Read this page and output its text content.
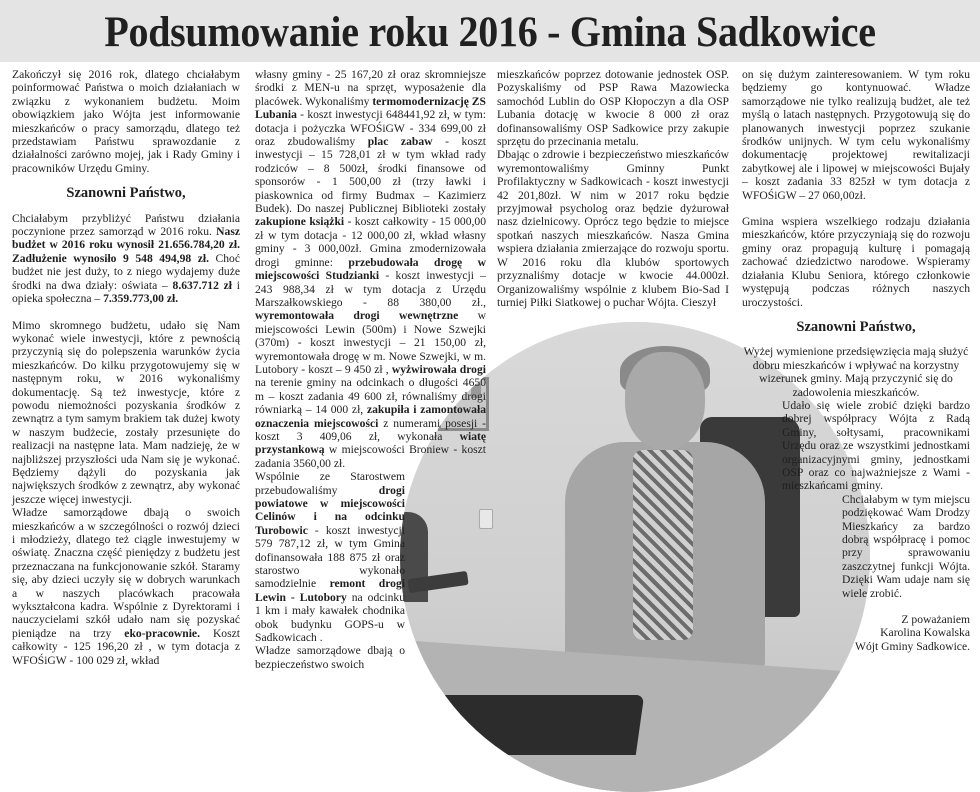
Podsumowanie roku 2016 - Gmina Sadkowice

Zakończył się 2016 rok, dlatego chciałabym poinformować Państwa o moich działaniach w związku z wykonaniem budżetu. Moim obowiązkiem jako Wójta jest informowanie mieszkańców o pracy samorządu, dlatego też przedstawiam Państwu sprawozdanie z działalności zarówno mojej, jak i Rady Gminy i pracowników Urzędu Gminy.

Szanowni Państwo,

Chciałabym przybliżyć Państwu działania poczynione przez samorząd w 2016 roku. Nasz budżet w 2016 roku wynosił 21.656.784,20 zł. Zadłużenie wynosiło 9 548 494,98 zł. Choć budżet nie jest duży, to z niego wydajemy duże środki na dwa działy: oświata – 8.637.712 zł i opieka społeczna – 7.359.773,00 zł.

Mimo skromnego budżetu, udało się Nam wykonać wiele inwestycji, które z pewnością przyczynią się do polepszenia warunków życia mieszkańców. Do kilku przygotowujemy się w następnym roku, w 2016 wykonaliśmy dokumentację. Są też inwestycje, które z powodu niemożności pozyskania środków z zewnątrz a tym samym brakiem tak dużej kwoty w naszym budżecie, zostały przesunięte do realizacji na następne lata. Mam nadzieję, że w najbliższej przyszłości uda Nam się je wykonać. Będziemy dążyli do pozyskania jak największych środków z zewnątrz, aby wykonać jeszcze więcej inwestycji.

Władze samorządowe dbają o swoich mieszkańców a w szczególności o rozwój dzieci i młodzieży, dlatego też ciągle inwestujemy w oświatę. Znaczna część pieniędzy z budżetu jest przeznaczana na funkcjonowanie szkół. Staramy się, aby dzieci uczyły się w dobrych warunkach a w naszych placówkach pracowała wykształcona kadra. Wspólnie z Dyrektorami i nauczycielami szkół udało nam się pozyskać pieniądze na trzy eko-pracownie. Koszt całkowity - 125 196,20 zł , w tym dotacja z WFOŚiGW - 100 029 zł, wkład

własny gminy - 25 167,20 zł oraz skromniejsze środki z MEN-u na sprzęt, wyposażenie dla placówek. Wykonaliśmy termomodernizację ZS Lubania - koszt inwestycji 648441,92 zł, w tym: dotacja i pożyczka WFOŚiGW - 334 699,00 zł oraz zbudowaliśmy plac zabaw - koszt inwestycji – 15 728,01 zł w tym wkład rady rodziców – 8 500zł, środki finansowe od sponsorów - 1 500,00 zł (trzy ławki i piaskownica od firmy Budmax – Kazimierz Budek). Do naszej Publicznej Biblioteki zostały zakupione książki - koszt całkowity - 15 000,00 zł w tym dotacja - 12 000,00 zł, wkład własny gminy - 3 000,00zł. Gmina zmodernizowała drogi gminne: przebudowała drogę w miejscowości Studzianki - koszt inwestycji – 243 988,34 zł w tym dotacja z Urzędu Marszałkowskiego - 88 380,00 zł., wyremontowała drogi wewnętrzne w miejscowości Lewin (500m) i Nowe Szwejki (370m) - koszt inwestycji – 21 150,00 zł, wyremontowała drogę w m. Nowe Szwejki, w m. Lutobory - koszt – 9 450 zł , wyżwirowała drogi na terenie gminy na odcinkach o długości 4650 m – koszt zadania 49 600 zł, równaliśmy drogi równiarką – 14 000 zł, zakupiła i zamontowała oznaczenia miejscowości z numerami posesji - koszt 3 409,06 zł, wykonała wiatę przystankową w miejscowości Broniew - koszt zadania 3560,00 zł.

Wspólnie ze Starostwem przebudowaliśmy drogi powiatowe w miejscowości Celinów i na odcinku Turobowic - koszt inwestycji 579 787,12 zł, w tym Gmina dofinansowała 188 875 zł oraz starostwo wykonało samodzielnie remont drogi Lewin - Lutobory na odcinku 1 km i mały kawałek chodnika obok budynku GOPS-u w Sadkowicach .

Władze samorządowe dbają o bezpieczeństwo swoich

mieszkańców poprzez dotowanie jednostek OSP. Pozyskaliśmy od PSP Rawa Mazowiecka samochód Lublin do OSP Kłopoczyn a dla OSP Lubania dotację w kwocie 8 000 zł oraz dofinansowaliśmy OSP Sadkowice przy zakupie sprzętu do przecinania metalu.

Dbając o zdrowie i bezpieczeństwo mieszkańców wyremontowaliśmy Gminny Punkt Profilaktyczny w Sadkowicach - koszt inwestycji 42 201,80zł. W nim w 2017 roku będzie przyjmował psycholog oraz będzie dyżurował nasz dzielnicowy. Oprócz tego będzie to miejsce spotkań naszych mieszkańców. Nasza Gmina wspiera działania zmierzające do rozwoju sportu. W 2016 roku dla klubów sportowych przyznaliśmy dotacje w kwocie 44.000zł. Organizowaliśmy wspólnie z klubem Bio-Sad I turniej Piłki Siatkowej o puchar Wójta. Cieszył

on się dużym zainteresowaniem. W tym roku będziemy go kontynuować. Władze samorządowe nie tylko realizują budżet, ale też myślą o latach następnych. Przygotowują się do planowanych inwestycji poprzez szukanie środków unijnych. W tym celu wykonaliśmy dokumentację projektowej rewitalizacji zabytkowej ale i lipowej w miejscowości Bujały – koszt zadania 33 825zł w tym dotacja z WFOŚiGW – 27 060,00zł.

Gmina wspiera wszelkiego rodzaju działania mieszkańców, które przyczyniają się do rozwoju gminy oraz propagują kulturę i pomagają zachować dziedzictwo narodowe. Wspieramy działania Klubu Seniora, którego członkowie występują podczas różnych naszych uroczystości.

Szanowni Państwo,

Wyżej wymienione przedsięwzięcia mają służyć dobru mieszkańców i wpływać na korzystny wizerunek gminy. Mają przyczynić się do zadowolenia mieszkańców.

Udało się wiele zrobić dzięki bardzo dobrej współpracy Wójta z Radą Gminy, sołtysami, pracownikami Urzędu oraz ze wszystkimi jednostkami organizacyjnymi gminy, jednostkami OSP oraz co najważniejsze z Wami - mieszkańcami gminy.

Chciałabym w tym miejscu podziękować Wam Drodzy Mieszkańcy za bardzo dobrą współpracę i pomoc przy sprawowaniu zaszczytnej funkcji Wójta. Dzięki Wam udaje nam się wiele zrobić.

Z poważaniem

Karolina Kowalska

Wójt Gminy Sadkowice.
